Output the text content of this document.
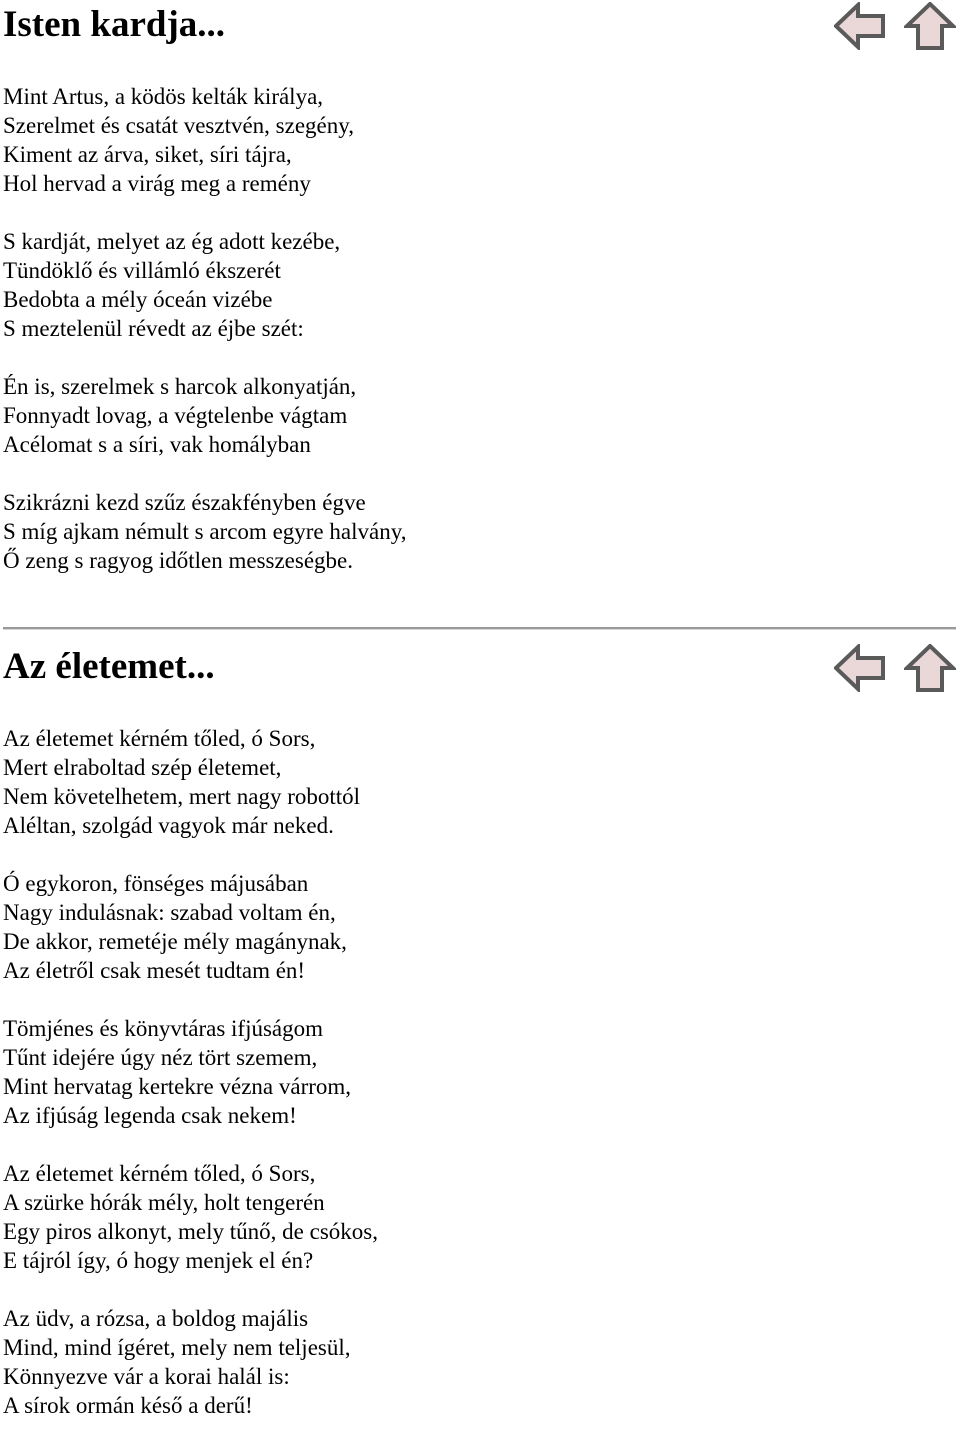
Isten kardja...
Mint Artus, a ködös kelták királya,
Szerelmet és csatát vesztvén, szegény,
Kiment az árva, siket, síri tájra,
Hol hervad a virág meg a remény
S kardját, melyet az ég adott kezébe,
Tündöklő és villámló ékszerét
Bedobta a mély óceán vizébe
S meztelenül révedt az éjbe szét:
Én is, szerelmek s harcok alkonyatján,
Fonnyadt lovag, a végtelenbe vágtam
Acélomat s a síri, vak homályban
Szikrázni kezd szűz északfényben égve
S míg ajkam némult s arcom egyre halvány,
Ő zeng s ragyog időtlen messzeségbe.
Az életemet...
Az életemet kérném tőled, ó Sors,
Mert elraboltad szép életemet,
Nem követelhetem, mert nagy robottól
Aléltan, szolgád vagyok már neked.
Ó egykoron, fönséges májusában
Nagy indulásnak: szabad voltam én,
De akkor, remetéje mély magánynak,
Az életről csak mesét tudtam én!
Tömjénes és könyvtáras ifjúságom
Tűnt idejére úgy néz tört szemem,
Mint hervatag kertekre vézna várrom,
Az ifjúság legenda csak nekem!
Az életemet kérném tőled, ó Sors,
A szürke hórák mély, holt tengerén
Egy piros alkonyt, mely tűnő, de csókos,
E tájról így, ó hogy menjek el én?
Az üdv, a rózsa, a boldog majális
Mind, mind ígéret, mely nem teljesül,
Könnyezve vár a korai halál is:
A sírok ormán késő a derű!
